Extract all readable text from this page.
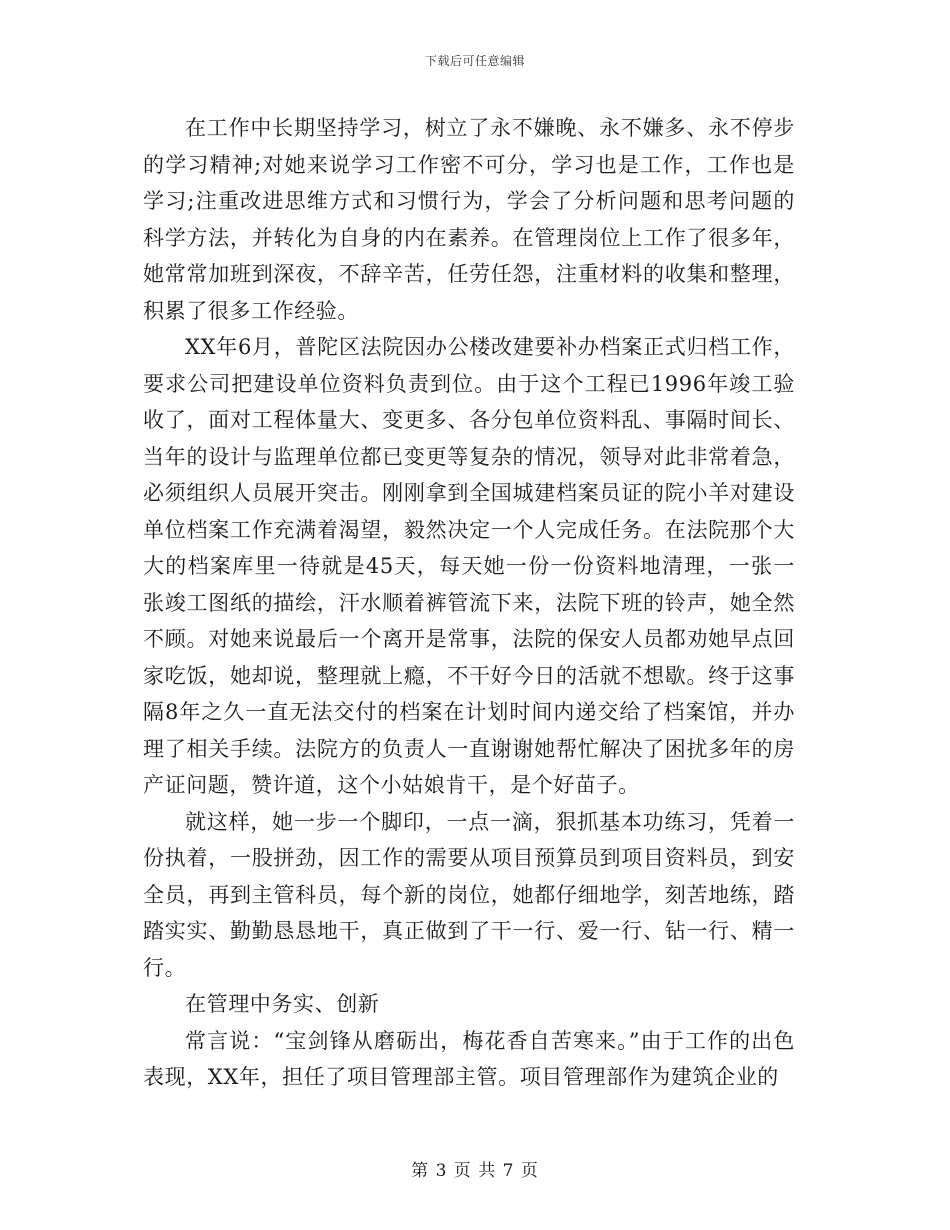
下载后可任意编辑

在工作中长期坚持学习，树立了永不嫌晚、永不嫌多、永不停步的学习精神;对她来说学习工作密不可分，学习也是工作，工作也是学习;注重改进思维方式和习惯行为，学会了分析问题和思考问题的科学方法，并转化为自身的内在素养。在管理岗位上工作了很多年，她常常加班到深夜，不辞辛苦，任劳任怨，注重材料的收集和整理，积累了很多工作经验。

XX年6月，普陀区法院因办公楼改建要补办档案正式归档工作，要求公司把建设单位资料负责到位。由于这个工程已1996年竣工验收了，面对工程体量大、变更多、各分包单位资料乱、事隔时间长、当年的设计与监理单位都已变更等复杂的情况，领导对此非常着急，必须组织人员展开突击。刚刚拿到全国城建档案员证的院小羊对建设单位档案工作充满着渴望，毅然决定一个人完成任务。在法院那个大大的档案库里一待就是45天，每天她一份一份资料地清理，一张一张竣工图纸的描绘，汗水顺着裤管流下来，法院下班的铃声，她全然不顾。对她来说最后一个离开是常事，法院的保安人员都劝她早点回家吃饭，她却说，整理就上瘾，不干好今日的活就不想歇。终于这事隔8年之久一直无法交付的档案在计划时间内递交给了档案馆，并办理了相关手续。法院方的负责人一直谢谢她帮忙解决了困扰多年的房产证问题，赞许道，这个小姑娘肯干，是个好苗子。

就这样，她一步一个脚印，一点一滴，狠抓基本功练习，凭着一份执着，一股拼劲，因工作的需要从项目预算员到项目资料员，到安全员，再到主管科员，每个新的岗位，她都仔细地学，刻苦地练，踏踏实实、勤勤恳恳地干，真正做到了干一行、爱一行、钻一行、精一行。

在管理中务实、创新

常言说：“宝剑锋从磨砺出，梅花香自苦寒来。”由于工作的出色表现，XX年，担任了项目管理部主管。项目管理部作为建筑企业的

第 3 页 共 7 页
